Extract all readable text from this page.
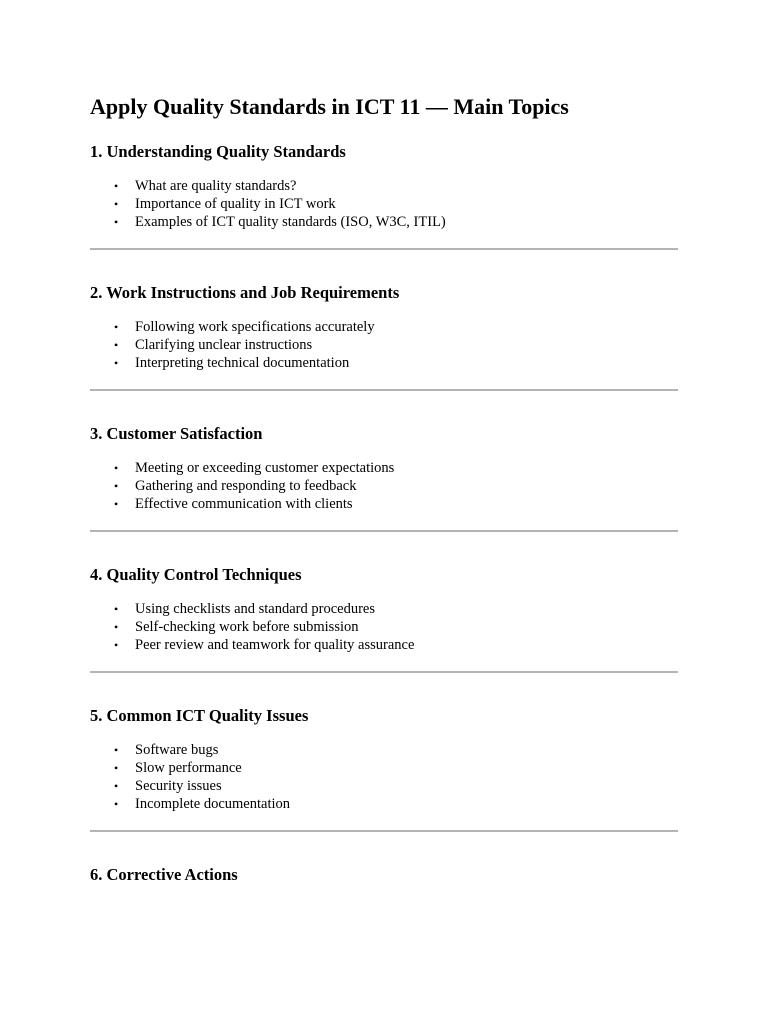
Apply Quality Standards in ICT 11 — Main Topics
1. Understanding Quality Standards
• What are quality standards?
• Importance of quality in ICT work
• Examples of ICT quality standards (ISO, W3C, ITIL)
2. Work Instructions and Job Requirements
• Following work specifications accurately
• Clarifying unclear instructions
• Interpreting technical documentation
3. Customer Satisfaction
• Meeting or exceeding customer expectations
• Gathering and responding to feedback
• Effective communication with clients
4. Quality Control Techniques
• Using checklists and standard procedures
• Self-checking work before submission
• Peer review and teamwork for quality assurance
5. Common ICT Quality Issues
• Software bugs
• Slow performance
• Security issues
• Incomplete documentation
6. Corrective Actions
